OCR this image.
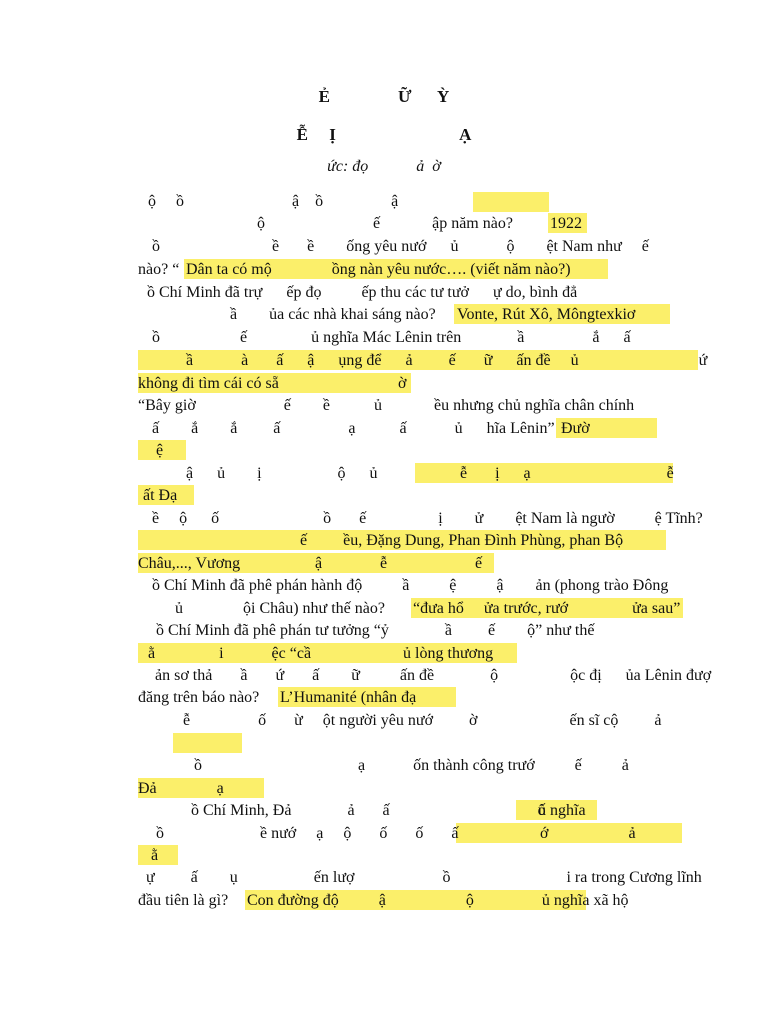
Ẻ                Ữ      Ỳ
Ễ     Ị                             Ạ
ức: đọ            ả  ờ
ộ     ồ                           ậ    ồ                 ậ
ộ                           ế             ập năm nào? 1922
ồ                            ề       ề        ống yêu nướ      ủ            ộ        ệt Nam như     ế
nào? “ Dân ta có mộ               ồng nàn yêu nước…. (viết năm nào?)
ồ Chí Minh đã trự      ếp đọ          ếp thu các tư tưở      ự do, bình đẳ
ầ        ủa các nhà khai sáng nào? Vonte, Rút Xô, Môngtexkiơ
ồ                    ế                ủ nghĩa Mác Lênin trên              ầ                 ắ      ấ
ầ            à       ấ      ậ      ụng để      ả         ế       ữ      ấn đề     ủ                              ứ
không đi tìm cái có sẵ	ờ
“Bây giờ                      ế        ề           ủ             ều nhưng chủ nghĩa chân chính
ấ        ắ        ắ         ấ                 ạ           ấ            ủ      hĩa Lênin” Đườ
ệ
ậ      ủ        ị                   ộ      ủ	ễ       ị      ạ                                  ễ
ất Đạ
ề     ộ      ố                          ồ       ế                  ị        ử        ệt Nam là ngườ          ệ Tĩnh?
ế         ều, Đặng Dung, Phan Đình Phùng, phan Bộ
Châu,..., Vương	ậ	ễ	ế
ồ Chí Minh đã phê phán hành độ          ầ          ệ          ậ        ản (phong trào Đông
ủ               ội Châu) như thế nào? “đưa hổ     ửa trước, rướ                ửa sau”
ồ Chí Minh đã phê phán tư tưởng “ỷ              ầ         ế        ộ” như thế
ằ                i            ệc “cầ                       ủ lòng thương
ản sơ thả       ầ       ứ       ấ        ữ          ấn đề              ộ                  ộc đị      ủa Lênin đượ
đăng trên báo nào? L’Humanité (nhân đạ
ễ                 ố       ừ     ột người yêu nướ         ờ                       ến sĩ cộ         ả
ồ                                       ạ            ốn thành công trướ          ế          ả
Đả               ạ
ồ Chí Minh, Đả              ả       ấ                                     ố
ủ nghĩa
ồ                        ề nướ     ạ     ộ       ố       ố       ấ	ớ                    ả
ằ
ự         ấ        ụ                   ến lượ                      ồ                             i ra trong Cương lĩnh
đầu tiên là gì? Con đường độ          ậ                    ộ                 ủ nghĩa xã hộ
